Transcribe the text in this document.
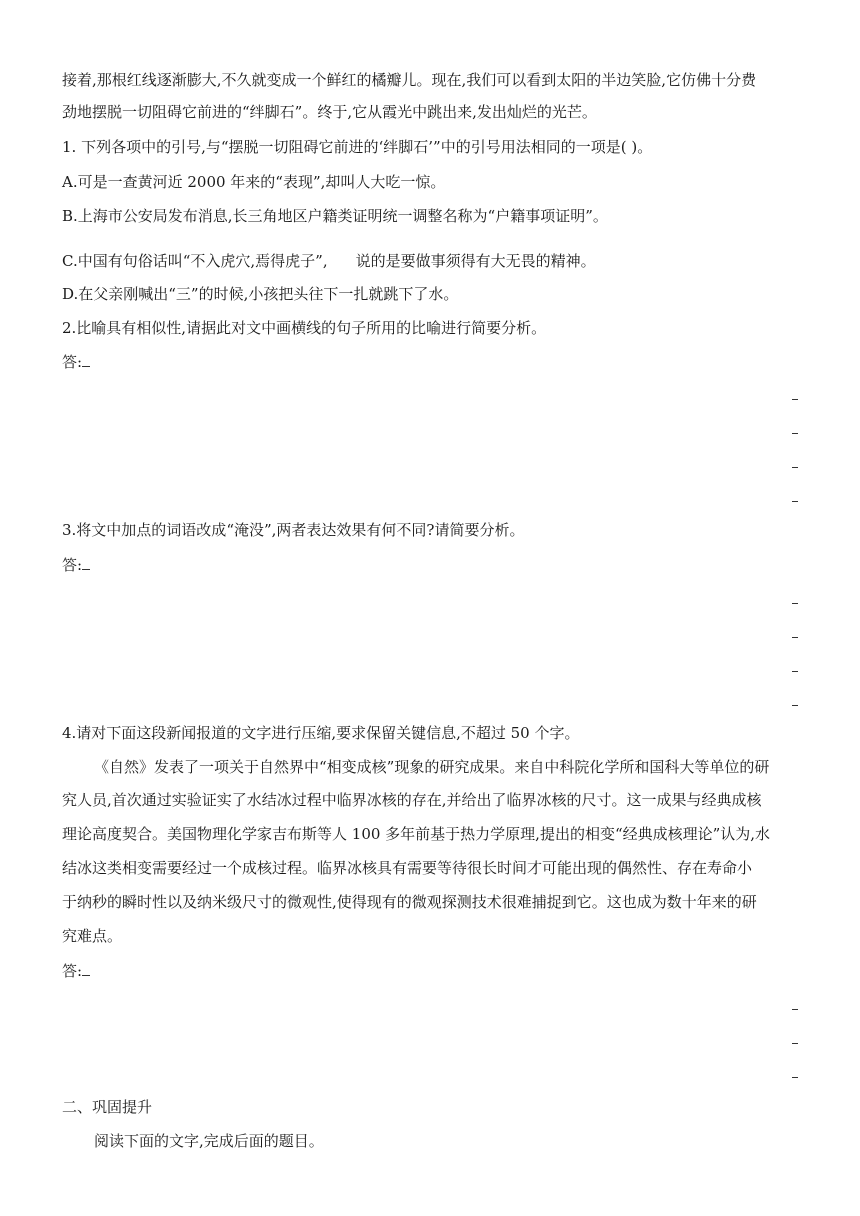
接着,那根红线逐渐膨大,不久就变成一个鲜红的橘瓣儿。现在,我们可以看到太阳的半边笑脸,它仿佛十分费
劲地摆脱一切阻碍它前进的“绊脚石”。终于,它从霞光中跳出来,发出灿烂的光芒。
1. 下列各项中的引号,与“摆脱一切阻碍它前进的‘绊脚石’”中的引号用法相同的一项是( )。
A.可是一查黄河近 2000 年来的“表现”,却叫人大吃一惊。
B.上海市公安局发布消息,长三角地区户籍类证明统一调整名称为“户籍事项证明”。
C.中国有句俗话叫“不入虎穴,焉得虎子”, 说的是要做事须得有大无畏的精神。
D.在父亲刚喊出“三”的时候,小孩把头往下一扎就跳下了水。
2.比喻具有相似性,请据此对文中画横线的句子所用的比喻进行简要分析。
答:
3.将文中加点的词语改成“淹没”,两者表达效果有何不同?请简要分析。
答:
4.请对下面这段新闻报道的文字进行压缩,要求保留关键信息,不超过 50 个字。
《自然》发表了一项关于自然界中“相变成核”现象的研究成果。来自中科院化学所和国科大等单位的研
究人员,首次通过实验证实了水结冰过程中临界冰核的存在,并给出了临界冰核的尺寸。这一成果与经典成核
理论高度契合。美国物理化学家吉布斯等人 100 多年前基于热力学原理,提出的相变“经典成核理论”认为,水
结冰这类相变需要经过一个成核过程。临界冰核具有需要等待很长时间才可能出现的偶然性、存在寿命小
于纳秒的瞬时性以及纳米级尺寸的微观性,使得现有的微观探测技术很难捕捉到它。这也成为数十年来的研
究难点。
答:
二、巩固提升
阅读下面的文字,完成后面的题目。
